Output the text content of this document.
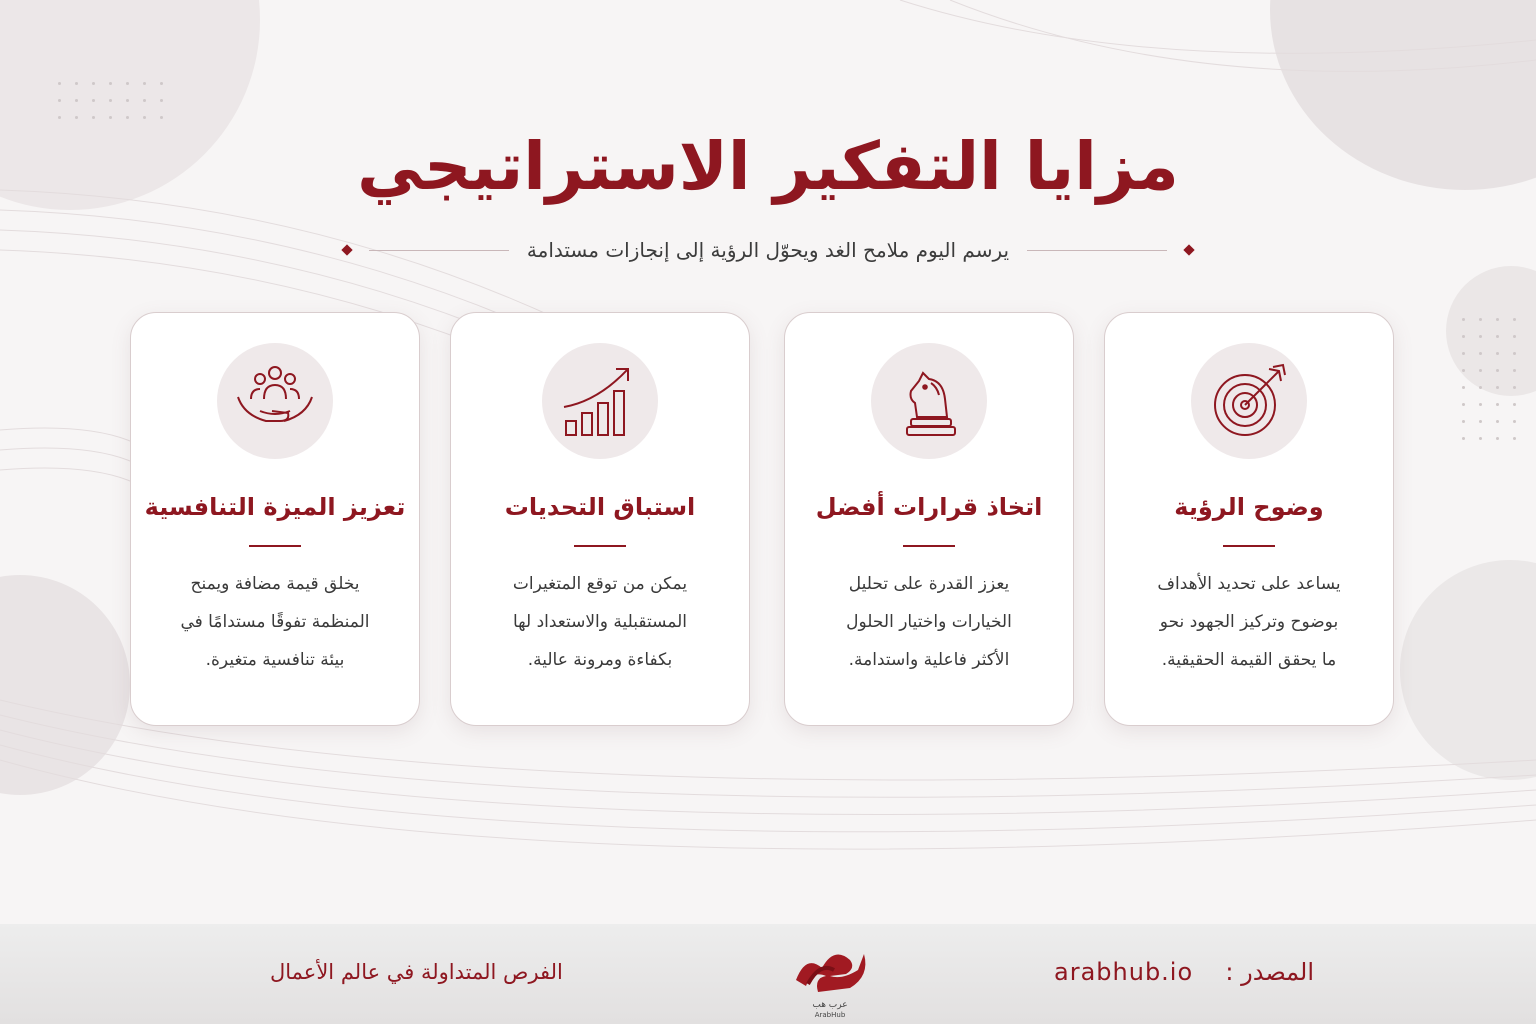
مزايا التفكير الاستراتيجي
يرسم اليوم ملامح الغد ويحوّل الرؤية إلى إنجازات مستدامة
وضوح الرؤية
يساعد على تحديد الأهداف
بوضوح وتركيز الجهود نحو
ما يحقق القيمة الحقيقية.
اتخاذ قرارات أفضل
يعزز القدرة على تحليل
الخيارات واختيار الحلول
الأكثر فاعلية واستدامة.
استباق التحديات
يمكن من توقع المتغيرات
المستقبلية والاستعداد لها
بكفاءة ومرونة عالية.
تعزيز الميزة التنافسية
يخلق قيمة مضافة ويمنح
المنظمة تفوقًا مستدامًا في
بيئة تنافسية متغيرة.
الفرص المتداولة في عالم الأعمال	المصدر :
arabhub.io
عرب هب
ArabHub
